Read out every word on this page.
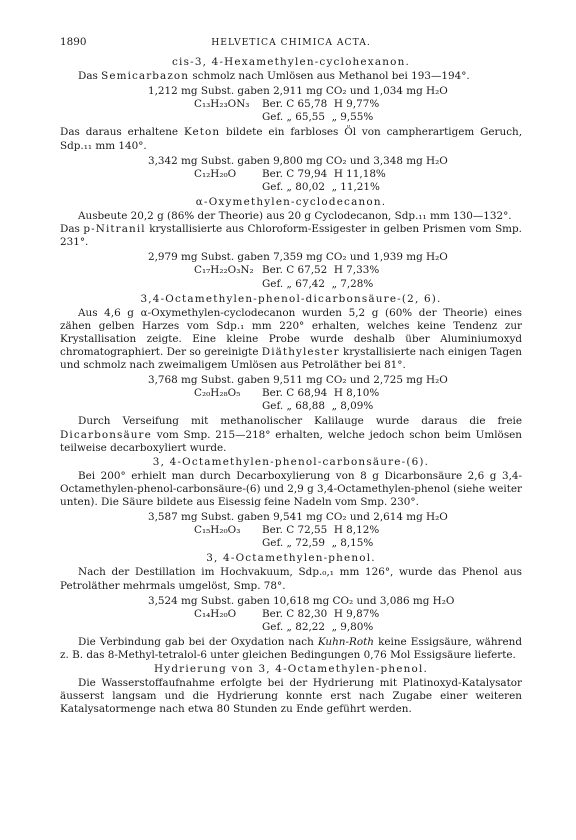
1890	HELVETICA CHIMICA ACTA.
cis-3, 4-Hexamethylen-cyclohexanon.

Das Semicarbazon schmolz nach Umlösen aus Methanol bei 193—194°.

1,212 mg Subst. gaben 2,911 mg CO₂ und 1,034 mg H₂O
C₁₃H₂₃ON₃ Ber. C 65,78  H 9,77%
Gef. „ 65,55  „ 9,55%

Das daraus erhaltene Keton bildete ein farbloses Öl von campherartigem Geruch, Sdp.₁₁ mm 140°.

3,342 mg Subst. gaben 9,800 mg CO₂ und 3,348 mg H₂O
C₁₂H₂₀O Ber. C 79,94  H 11,18%
Gef. „ 80,02  „ 11,21%
α-Oxymethylen-cyclodecanon.

Ausbeute 20,2 g (86% der Theorie) aus 20 g Cyclodecanon, Sdp.₁₁ mm 130—132°.

Das p-Nitranil krystallisierte aus Chloroform-Essigester in gelben Prismen vom Smp. 231°.

2,979 mg Subst. gaben 7,359 mg CO₂ und 1,939 mg H₂O
C₁₇H₂₂O₃N₂ Ber. C 67,52  H 7,33%
Gef. „ 67,42  „ 7,28%
3,4-Octamethylen-phenol-dicarbonsäure-(2, 6).

Aus 4,6 g α-Oxymethylen-cyclodecanon wurden 5,2 g (60% der Theorie) eines zähen gelben Harzes vom Sdp.₁ mm 220° erhalten, welches keine Tendenz zur Krystallisation zeigte. Eine kleine Probe wurde deshalb über Aluminiumoxyd chromatographiert. Der so gereinigte Diäthylester krystallisierte nach einigen Tagen und schmolz nach zweimaligem Umlösen aus Petroläther bei 81°.

3,768 mg Subst. gaben 9,511 mg CO₂ und 2,725 mg H₂O
C₂₀H₂₈O₅ Ber. C 68,94  H 8,10%
Gef. „ 68,88  „ 8,09%

Durch Verseifung mit methanolischer Kalilauge wurde daraus die freie Dicarbonsäure vom Smp. 215—218° erhalten, welche jedoch schon beim Umlösen teilweise decarboxyliert wurde.

3, 4-Octamethylen-phenol-carbonsäure-(6).

Bei 200° erhielt man durch Decarboxylierung von 8 g Dicarbonsäure 2,6 g 3,4-Octamethylen-phenol-carbonsäure-(6) und 2,9 g 3,4-Octamethylen-phenol (siehe weiter unten). Die Säure bildete aus Eisessig feine Nadeln vom Smp. 230°.

3,587 mg Subst. gaben 9,541 mg CO₂ und 2,614 mg H₂O
C₁₅H₂₀O₃ Ber. C 72,55  H 8,12%
Gef. „ 72,59  „ 8,15%
3, 4-Octamethylen-phenol.

Nach der Destillation im Hochvakuum, Sdp.₀,₁ mm 126°, wurde das Phenol aus Petroläther mehrmals umgelöst, Smp. 78°.

3,524 mg Subst. gaben 10,618 mg CO₂ und 3,086 mg H₂O
C₁₄H₂₀O Ber. C 82,30  H 9,87%
Gef. „ 82,22  „ 9,80%

Die Verbindung gab bei der Oxydation nach Kuhn-Roth keine Essigsäure, während z. B. das 8-Methyl-tetralol-6 unter gleichen Bedingungen 0,76 Mol Essigsäure lieferte.

Hydrierung von 3, 4-Octamethylen-phenol.

Die Wasserstoffaufnahme erfolgte bei der Hydrierung mit Platinoxyd-Katalysator äusserst langsam und die Hydrierung konnte erst nach Zugabe einer weiteren Katalysatormenge nach etwa 80 Stunden zu Ende geführt werden.
